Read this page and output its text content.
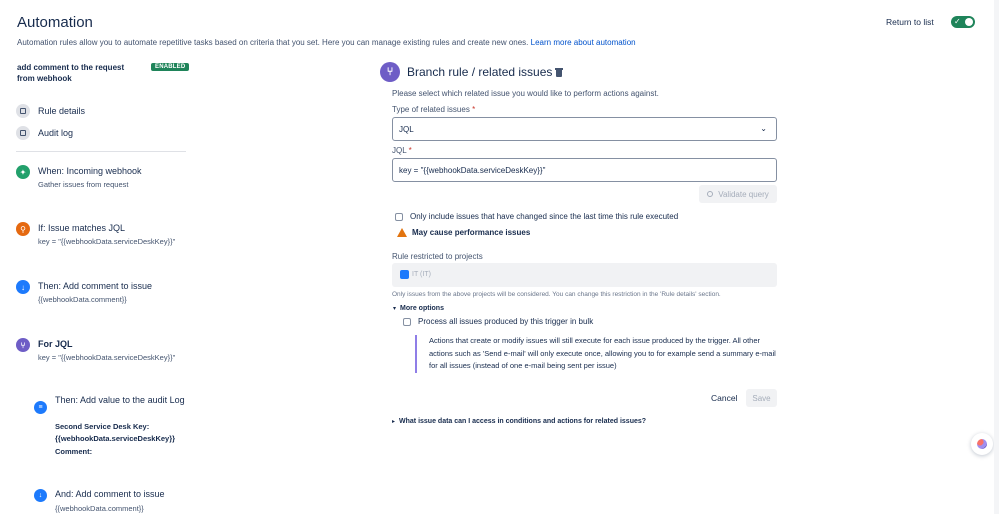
Automation
Automation rules allow you to automate repetitive tasks based on criteria that you set. Here you can manage existing rules and create new ones. Learn more about automation
Return to list	✓
add comment to the request from webhook
ENABLED
Rule details
Audit log
✦	When: Incoming webhook
Gather issues from request
⚲	If: Issue matches JQL
key = "{{webhookData.serviceDeskKey}}"
↓	Then: Add comment to issue
{{webhookData.comment}}
⑂	For JQL
key = "{{webhookData.serviceDeskKey}}"
≡
Then: Add value to the audit Log
Second Service Desk Key:
{{webhookData.serviceDeskKey}}
Comment:
↓	And: Add comment to issue
{{webhookData.comment}}
⑂	Branch rule / related issues
Please select which related issue you would like to perform actions against.
Type of related issues *
JQL	⌄
JQL *
key = "{{webhookData.serviceDeskKey}}"
Validate query
Only include issues that have changed since the last time this rule executed
May cause performance issues
Rule restricted to projects
IT (IT)
Only issues from the above projects will be considered. You can change this restriction in the 'Rule details' section.
▾ More options
Process all issues produced by this trigger in bulk
Actions that create or modify issues will still execute for each issue produced by the trigger. All other actions such as 'Send e-mail' will only execute once, allowing you to for example send a summary e-mail for all issues (instead of one e-mail being sent per issue)
Cancel	Save
▸ What issue data can I access in conditions and actions for related issues?
